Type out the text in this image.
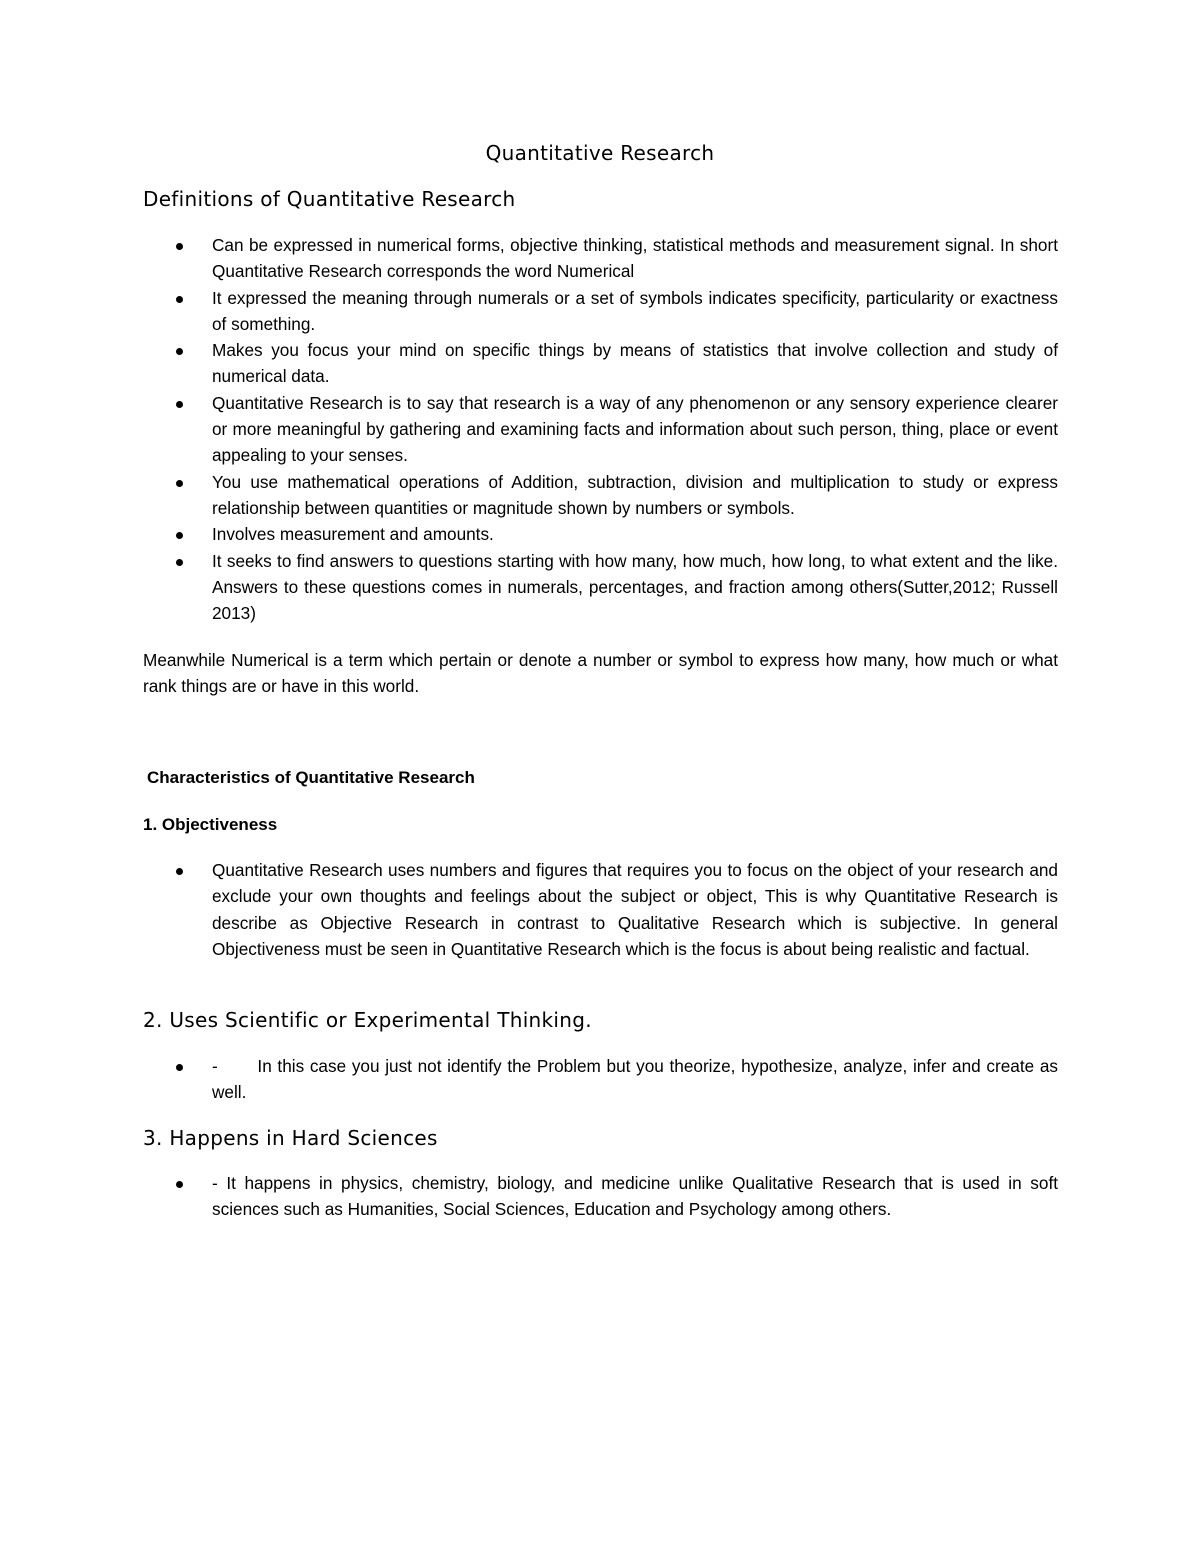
Quantitative Research
Definitions of Quantitative Research
Can be expressed in numerical forms, objective thinking, statistical methods and measurement signal. In short Quantitative Research corresponds the word Numerical
It expressed the meaning through numerals or a set of symbols indicates specificity, particularity or exactness of something.
Makes you focus your mind on specific things by means of statistics that involve collection and study of numerical data.
Quantitative Research is to say that research is a way of any phenomenon or any sensory experience clearer or more meaningful by gathering and examining facts and information about such person, thing, place or event appealing to your senses.
You use mathematical operations of Addition, subtraction, division and multiplication to study or express relationship between quantities or magnitude shown by numbers or symbols.
Involves measurement and amounts.
It seeks to find answers to questions starting with how many, how much, how long, to what extent and the like. Answers to these questions comes in numerals, percentages, and fraction among others(Sutter,2012; Russell 2013)

Meanwhile Numerical is a term which pertain or denote a number or symbol to express how many, how much or what rank things are or have in this world.

Characteristics of Quantitative Research
1. Objectiveness
Quantitative Research uses numbers and figures that requires you to focus on the object of your research and exclude your own thoughts and feelings about the subject or object, This is why Quantitative Research is describe as Objective Research in contrast to Qualitative Research which is subjective. In general Objectiveness must be seen in Quantitative Research which is the focus is about being realistic and factual.
2. Uses Scientific or Experimental Thinking.
-       In this case you just not identify the Problem but you theorize, hypothesize, analyze, infer and create as well.
3. Happens in Hard Sciences
- It happens in physics, chemistry, biology, and medicine unlike Qualitative Research that is used in soft sciences such as Humanities, Social Sciences, Education and Psychology among others.
